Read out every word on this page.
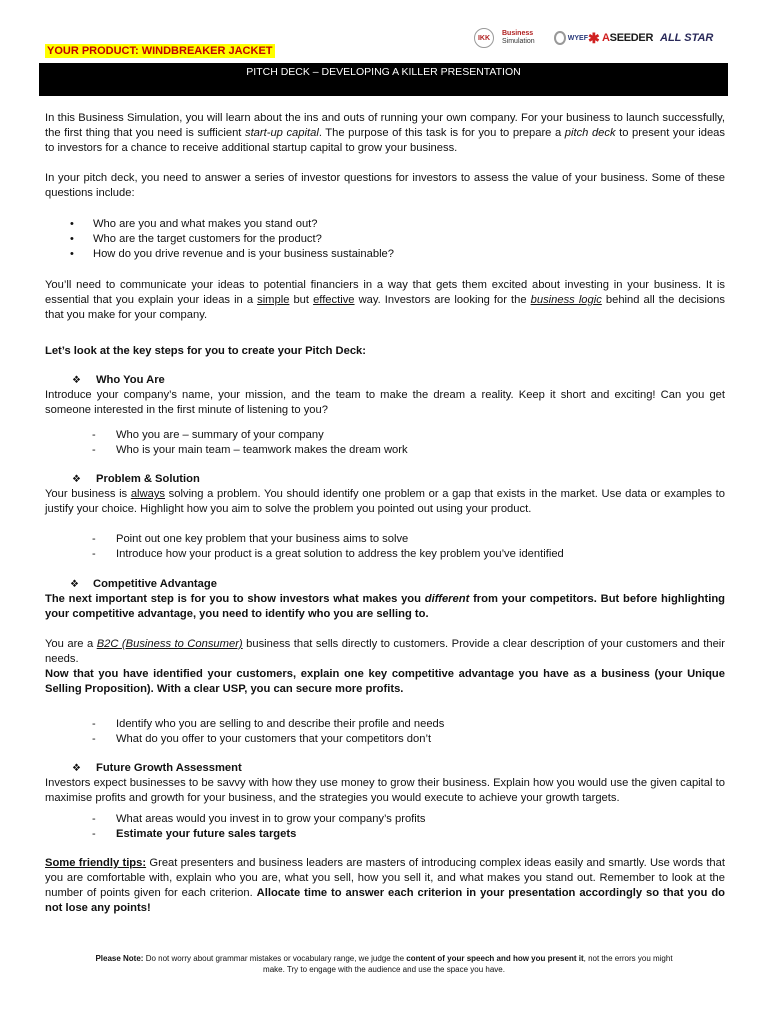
YOUR PRODUCT: WINDBREAKER JACKET
IKK
Business
Simulation	WYEF ✱ A SEEDER ALL STAR
PITCH DECK – DEVELOPING A KILLER PRESENTATION
In this Business Simulation, you will learn about the ins and outs of running your own company. For your business to launch successfully, the first thing that you need is sufficient start-up capital. The purpose of this task is for you to prepare a pitch deck to present your ideas to investors for a chance to receive additional startup capital to grow your business.
In your pitch deck, you need to answer a series of investor questions for investors to assess the value of your business. Some of these questions include:
• Who are you and what makes you stand out?
• Who are the target customers for the product?
• How do you drive revenue and is your business sustainable?
You’ll need to communicate your ideas to potential financiers in a way that gets them excited about investing in your business. It is essential that you explain your ideas in a simple but effective way. Investors are looking for the business logic behind all the decisions that you make for your company.
Let’s look at the key steps for you to create your Pitch Deck:
❖ Who You Are
Introduce your company’s name, your mission, and the team to make the dream a reality. Keep it short and exciting! Can you get someone interested in the first minute of listening to you?
- Who you are – summary of your company
- Who is your main team – teamwork makes the dream work
❖ Problem & Solution
Your business is always solving a problem. You should identify one problem or a gap that exists in the market. Use data or examples to justify your choice. Highlight how you aim to solve the problem you pointed out using your product.
- Point out one key problem that your business aims to solve
- Introduce how your product is a great solution to address the key problem you’ve identified
❖ Competitive Advantage
The next important step is for you to show investors what makes you different from your competitors. But before highlighting your competitive advantage, you need to identify who you are selling to.
You are a B2C (Business to Consumer) business that sells directly to customers. Provide a clear description of your customers and their needs.
Now that you have identified your customers, explain one key competitive advantage you have as a business (your Unique Selling Proposition). With a clear USP, you can secure more profits.
- Identify who you are selling to and describe their profile and needs
- What do you offer to your customers that your competitors don’t
❖ Future Growth Assessment
Investors expect businesses to be savvy with how they use money to grow their business. Explain how you would use the given capital to maximise profits and growth for your business, and the strategies you would execute to achieve your growth targets.
- What areas would you invest in to grow your company’s profits
- Estimate your future sales targets
Some friendly tips: Great presenters and business leaders are masters of introducing complex ideas easily and smartly. Use words that you are comfortable with, explain who you are, what you sell, how you sell it, and what makes you stand out. Remember to look at the number of points given for each criterion. Allocate time to answer each criterion in your presentation accordingly so that you do not lose any points!
Please Note: Do not worry about grammar mistakes or vocabulary range, we judge the content of your speech and how you present it, not the errors you might
make. Try to engage with the audience and use the space you have.
